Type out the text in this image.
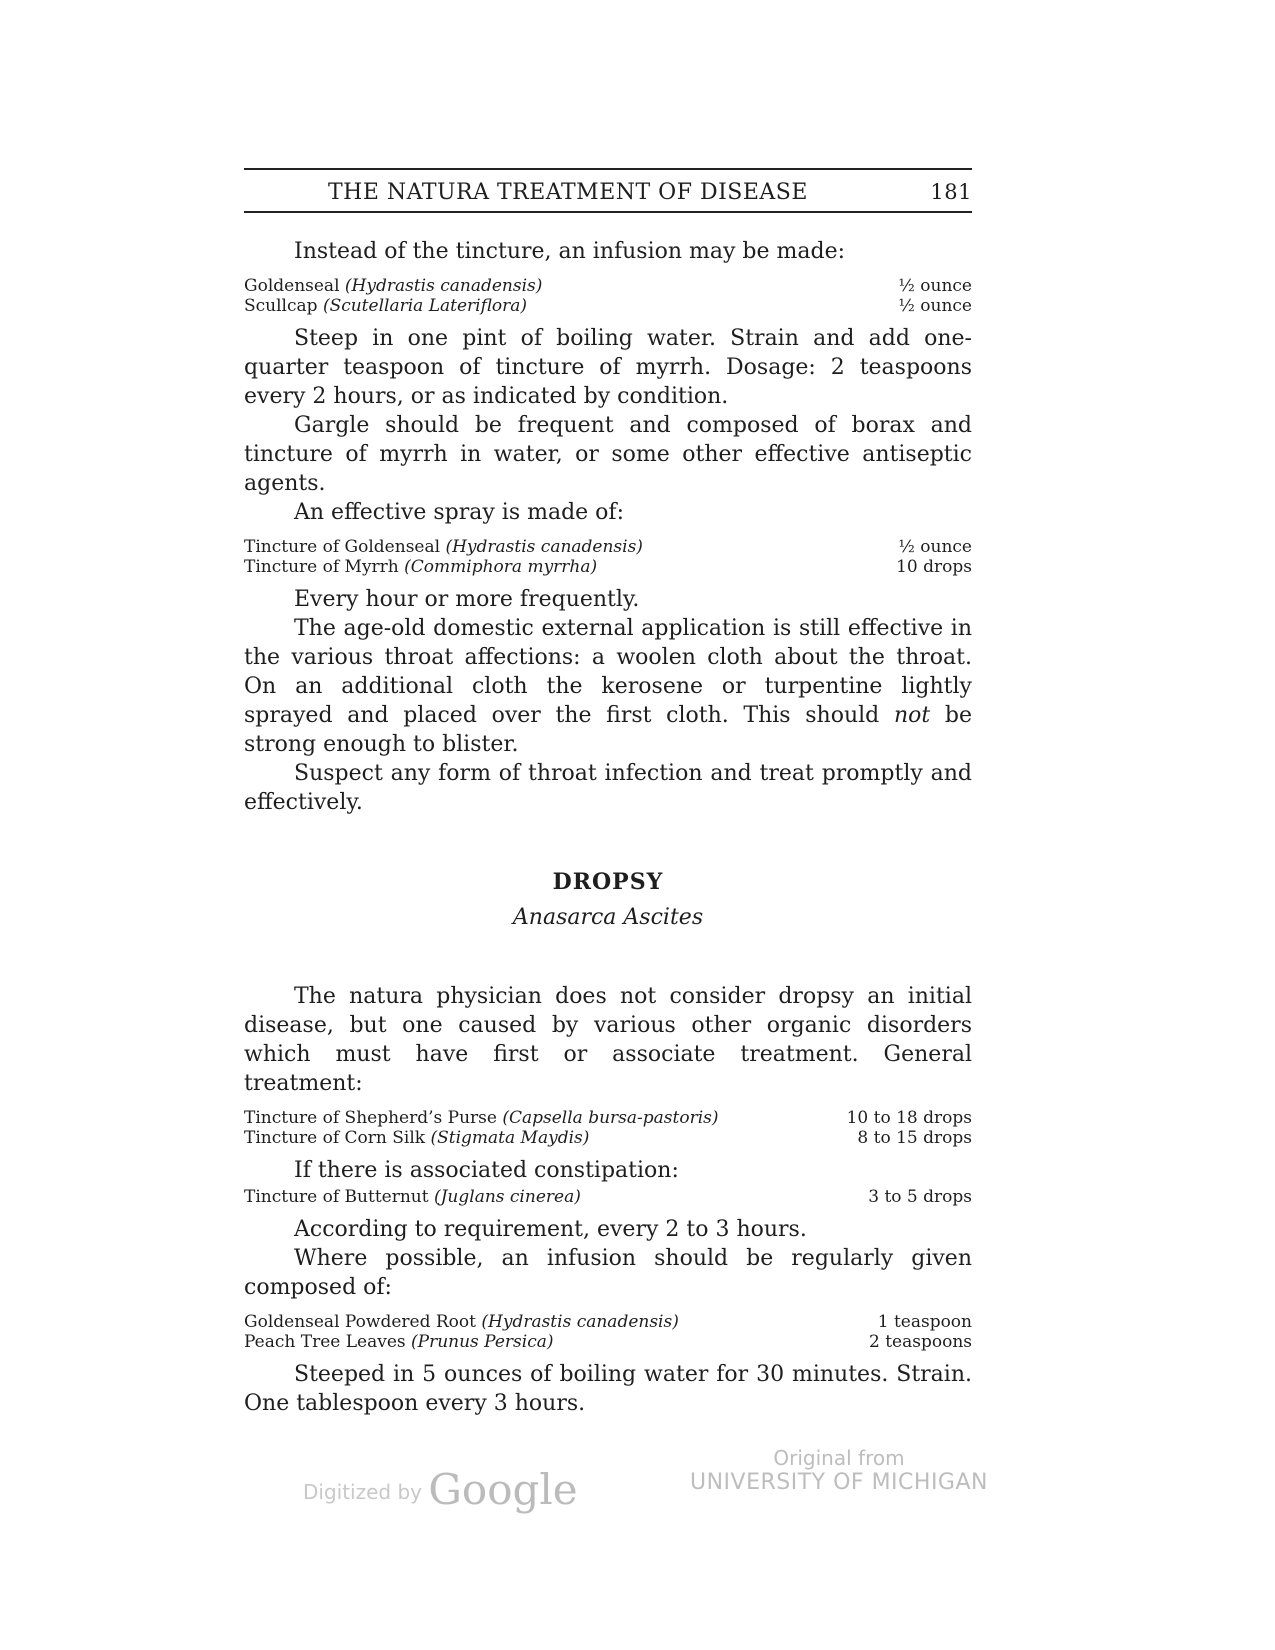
THE NATURA TREATMENT OF DISEASE	181

Instead of the tincture, an infusion may be made:

Goldenseal (Hydrastis canadensis)	½ ounce
Scullcap (Scutellaria Lateriflora)	½ ounce

Steep in one pint of boiling water. Strain and add one-quarter teaspoon of tincture of myrrh. Dosage: 2 teaspoons every 2 hours, or as indicated by condition.

Gargle should be frequent and composed of borax and tincture of myrrh in water, or some other effective antiseptic agents.

An effective spray is made of:

Tincture of Goldenseal (Hydrastis canadensis)	½ ounce
Tincture of Myrrh (Commiphora myrrha)	10 drops

Every hour or more frequently.

The age-old domestic external application is still effective in the various throat affections: a woolen cloth about the throat. On an additional cloth the kerosene or turpentine lightly sprayed and placed over the first cloth. This should not be strong enough to blister.

Suspect any form of throat infection and treat promptly and effectively.

DROPSY
Anasarca Ascites

The natura physician does not consider dropsy an initial disease, but one caused by various other organic disorders which must have first or associate treatment. General treatment:

Tincture of Shepherd’s Purse (Capsella bursa-pastoris)	10 to 18 drops
Tincture of Corn Silk (Stigmata Maydis)	8 to 15 drops

If there is associated constipation:

Tincture of Butternut (Juglans cinerea)	3 to 5 drops

According to requirement, every 2 to 3 hours.

Where possible, an infusion should be regularly given composed of:

Goldenseal Powdered Root (Hydrastis canadensis)	1 teaspoon
Peach Tree Leaves (Prunus Persica)	2 teaspoons

Steeped in 5 ounces of boiling water for 30 minutes. Strain. One tablespoon every 3 hours.

Digitized by Google
Original from
UNIVERSITY OF MICHIGAN
